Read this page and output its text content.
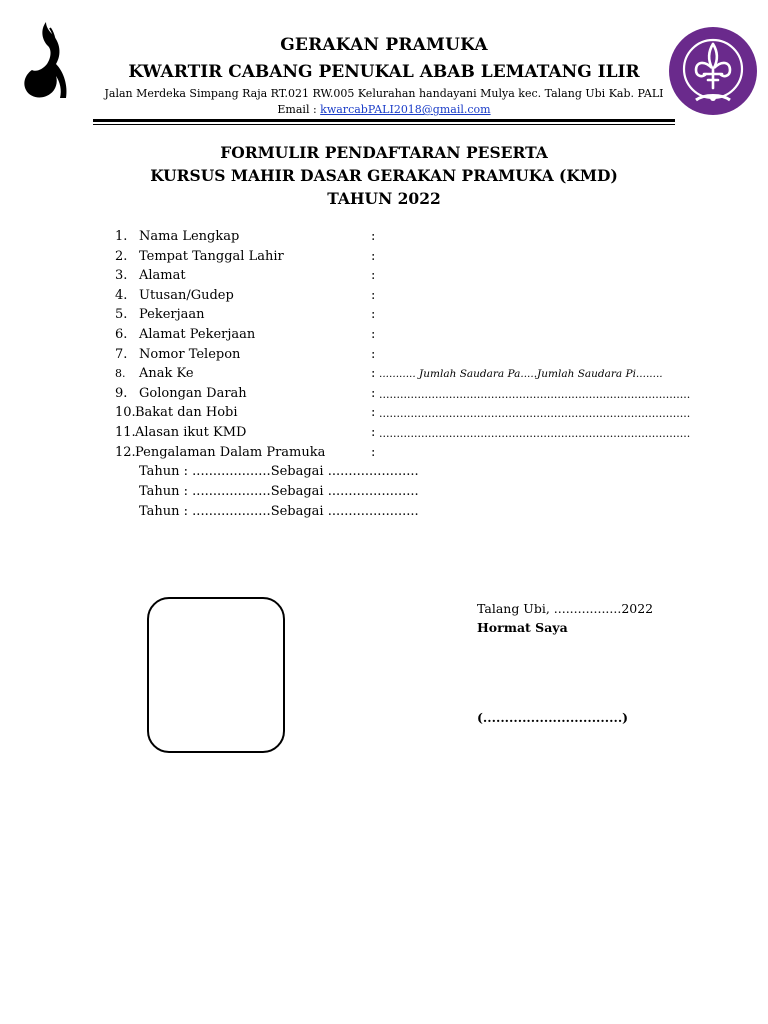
GERAKAN PRAMUKA
KWARTIR CABANG PENUKAL ABAB LEMATANG ILIR
Jalan Merdeka Simpang Raja RT.021 RW.005 Kelurahan handayani Mulya kec. Talang Ubi Kab. PALI
Email : kwarcabPALI2018@gmail.com
FORMULIR PENDAFTARAN PESERTA
KURSUS MAHIR DASAR GERAKAN PRAMUKA (KMD)
TAHUN 2022
1. Nama Lengkap	:
2. Tempat Tanggal Lahir	:
3. Alamat	:
4. Utusan/Gudep	:
5. Pekerjaan	:
6. Alamat Pekerjaan	:
7. Nomor Telepon	:
8. Anak Ke	: ........... Jumlah Saudara Pa.....Jumlah Saudara Pi........
9. Golongan Darah	: .........................................................................................
10. Bakat dan Hobi	: .........................................................................................
11. Alasan ikut KMD	: .........................................................................................
12. Pengalaman Dalam Pramuka	:
Tahun : ...................Sebagai ......................
Tahun : ...................Sebagai ......................
Tahun : ...................Sebagai ......................
Talang Ubi, .................2022
Hormat Saya
(................................)
